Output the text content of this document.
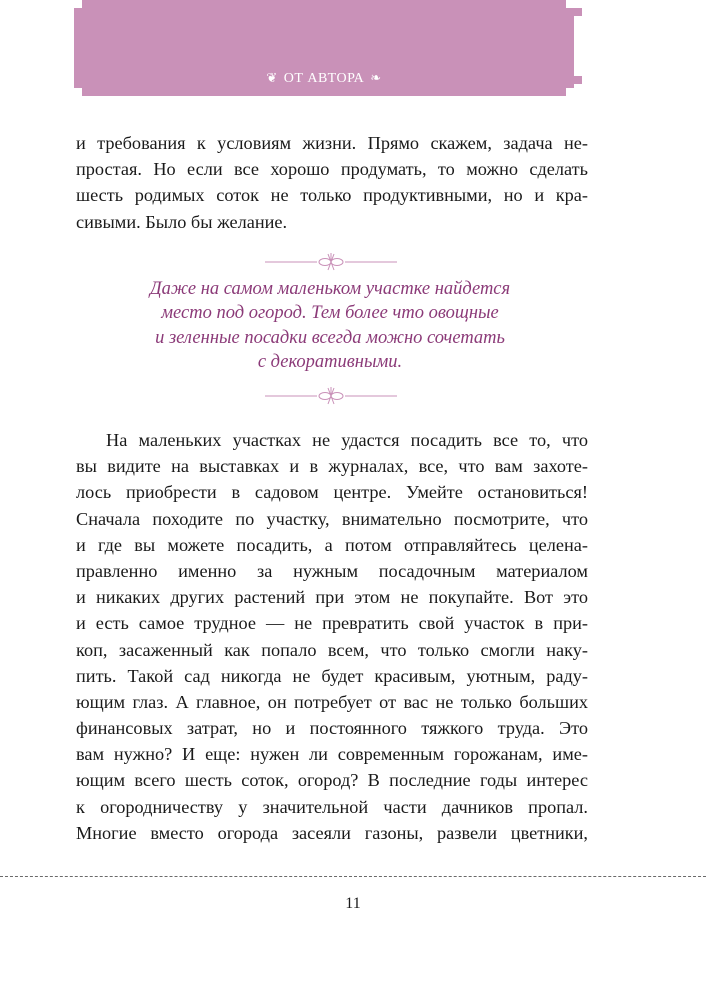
❦ ОТ АВТОРА ❧
и требования к условиям жизни. Прямо скажем, задача не-
простая. Но если все хорошо продумать, то можно сделать
шесть родимых соток не только продуктивными, но и кра-
сивыми. Было бы желание.
Даже на самом маленьком участке найдется
место под огород. Тем более что овощные
и зеленные посадки всегда можно сочетать
с декоративными.
На маленьких участках не удастся посадить все то, что
вы видите на выставках и в журналах, все, что вам захоте-
лось приобрести в садовом центре. Умейте остановиться!
Сначала походите по участку, внимательно посмотрите, что
и где вы можете посадить, а потом отправляйтесь целена-
правленно именно за нужным посадочным материалом
и никаких других растений при этом не покупайте. Вот это
и есть самое трудное — не превратить свой участок в при-
коп, засаженный как попало всем, что только смогли наку-
пить. Такой сад никогда не будет красивым, уютным, раду-
ющим глаз. А главное, он потребует от вас не только больших
финансовых затрат, но и постоянного тяжкого труда. Это
вам нужно? И еще: нужен ли современным горожанам, име-
ющим всего шесть соток, огород? В последние годы интерес
к огородничеству у значительной части дачников пропал.
Многие вместо огорода засеяли газоны, развели цветники,
11
